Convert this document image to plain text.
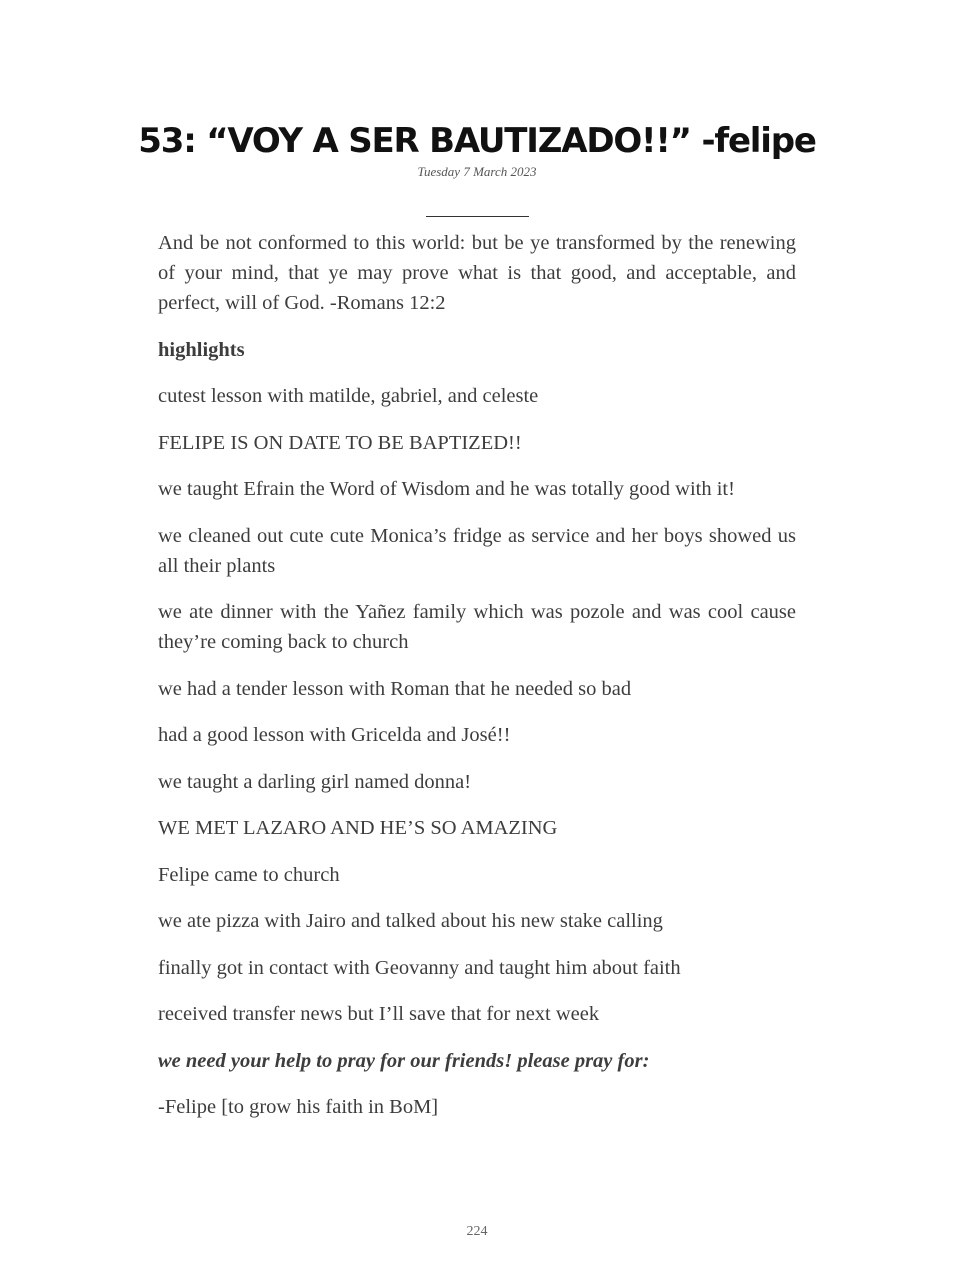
53: “VOY A SER BAUTIZADO!!” -felipe
Tuesday 7 March 2023

And be not conformed to this world: but be ye transformed by the renewing of your mind, that ye may prove what is that good, and acceptable, and perfect, will of God. -Romans 12:2

highlights

cutest lesson with matilde, gabriel, and celeste

FELIPE IS ON DATE TO BE BAPTIZED!!

we taught Efrain the Word of Wisdom and he was totally good with it!

we cleaned out cute cute Monica’s fridge as service and her boys showed us all their plants

we ate dinner with the Yañez family which was pozole and was cool cause they’re coming back to church

we had a tender lesson with Roman that he needed so bad

had a good lesson with Gricelda and José!!

we taught a darling girl named donna!

WE MET LAZARO AND HE’S SO AMAZING

Felipe came to church

we ate pizza with Jairo and talked about his new stake calling

finally got in contact with Geovanny and taught him about faith

received transfer news but I’ll save that for next week

we need your help to pray for our friends! please pray for:

-Felipe [to grow his faith in BoM]

224
